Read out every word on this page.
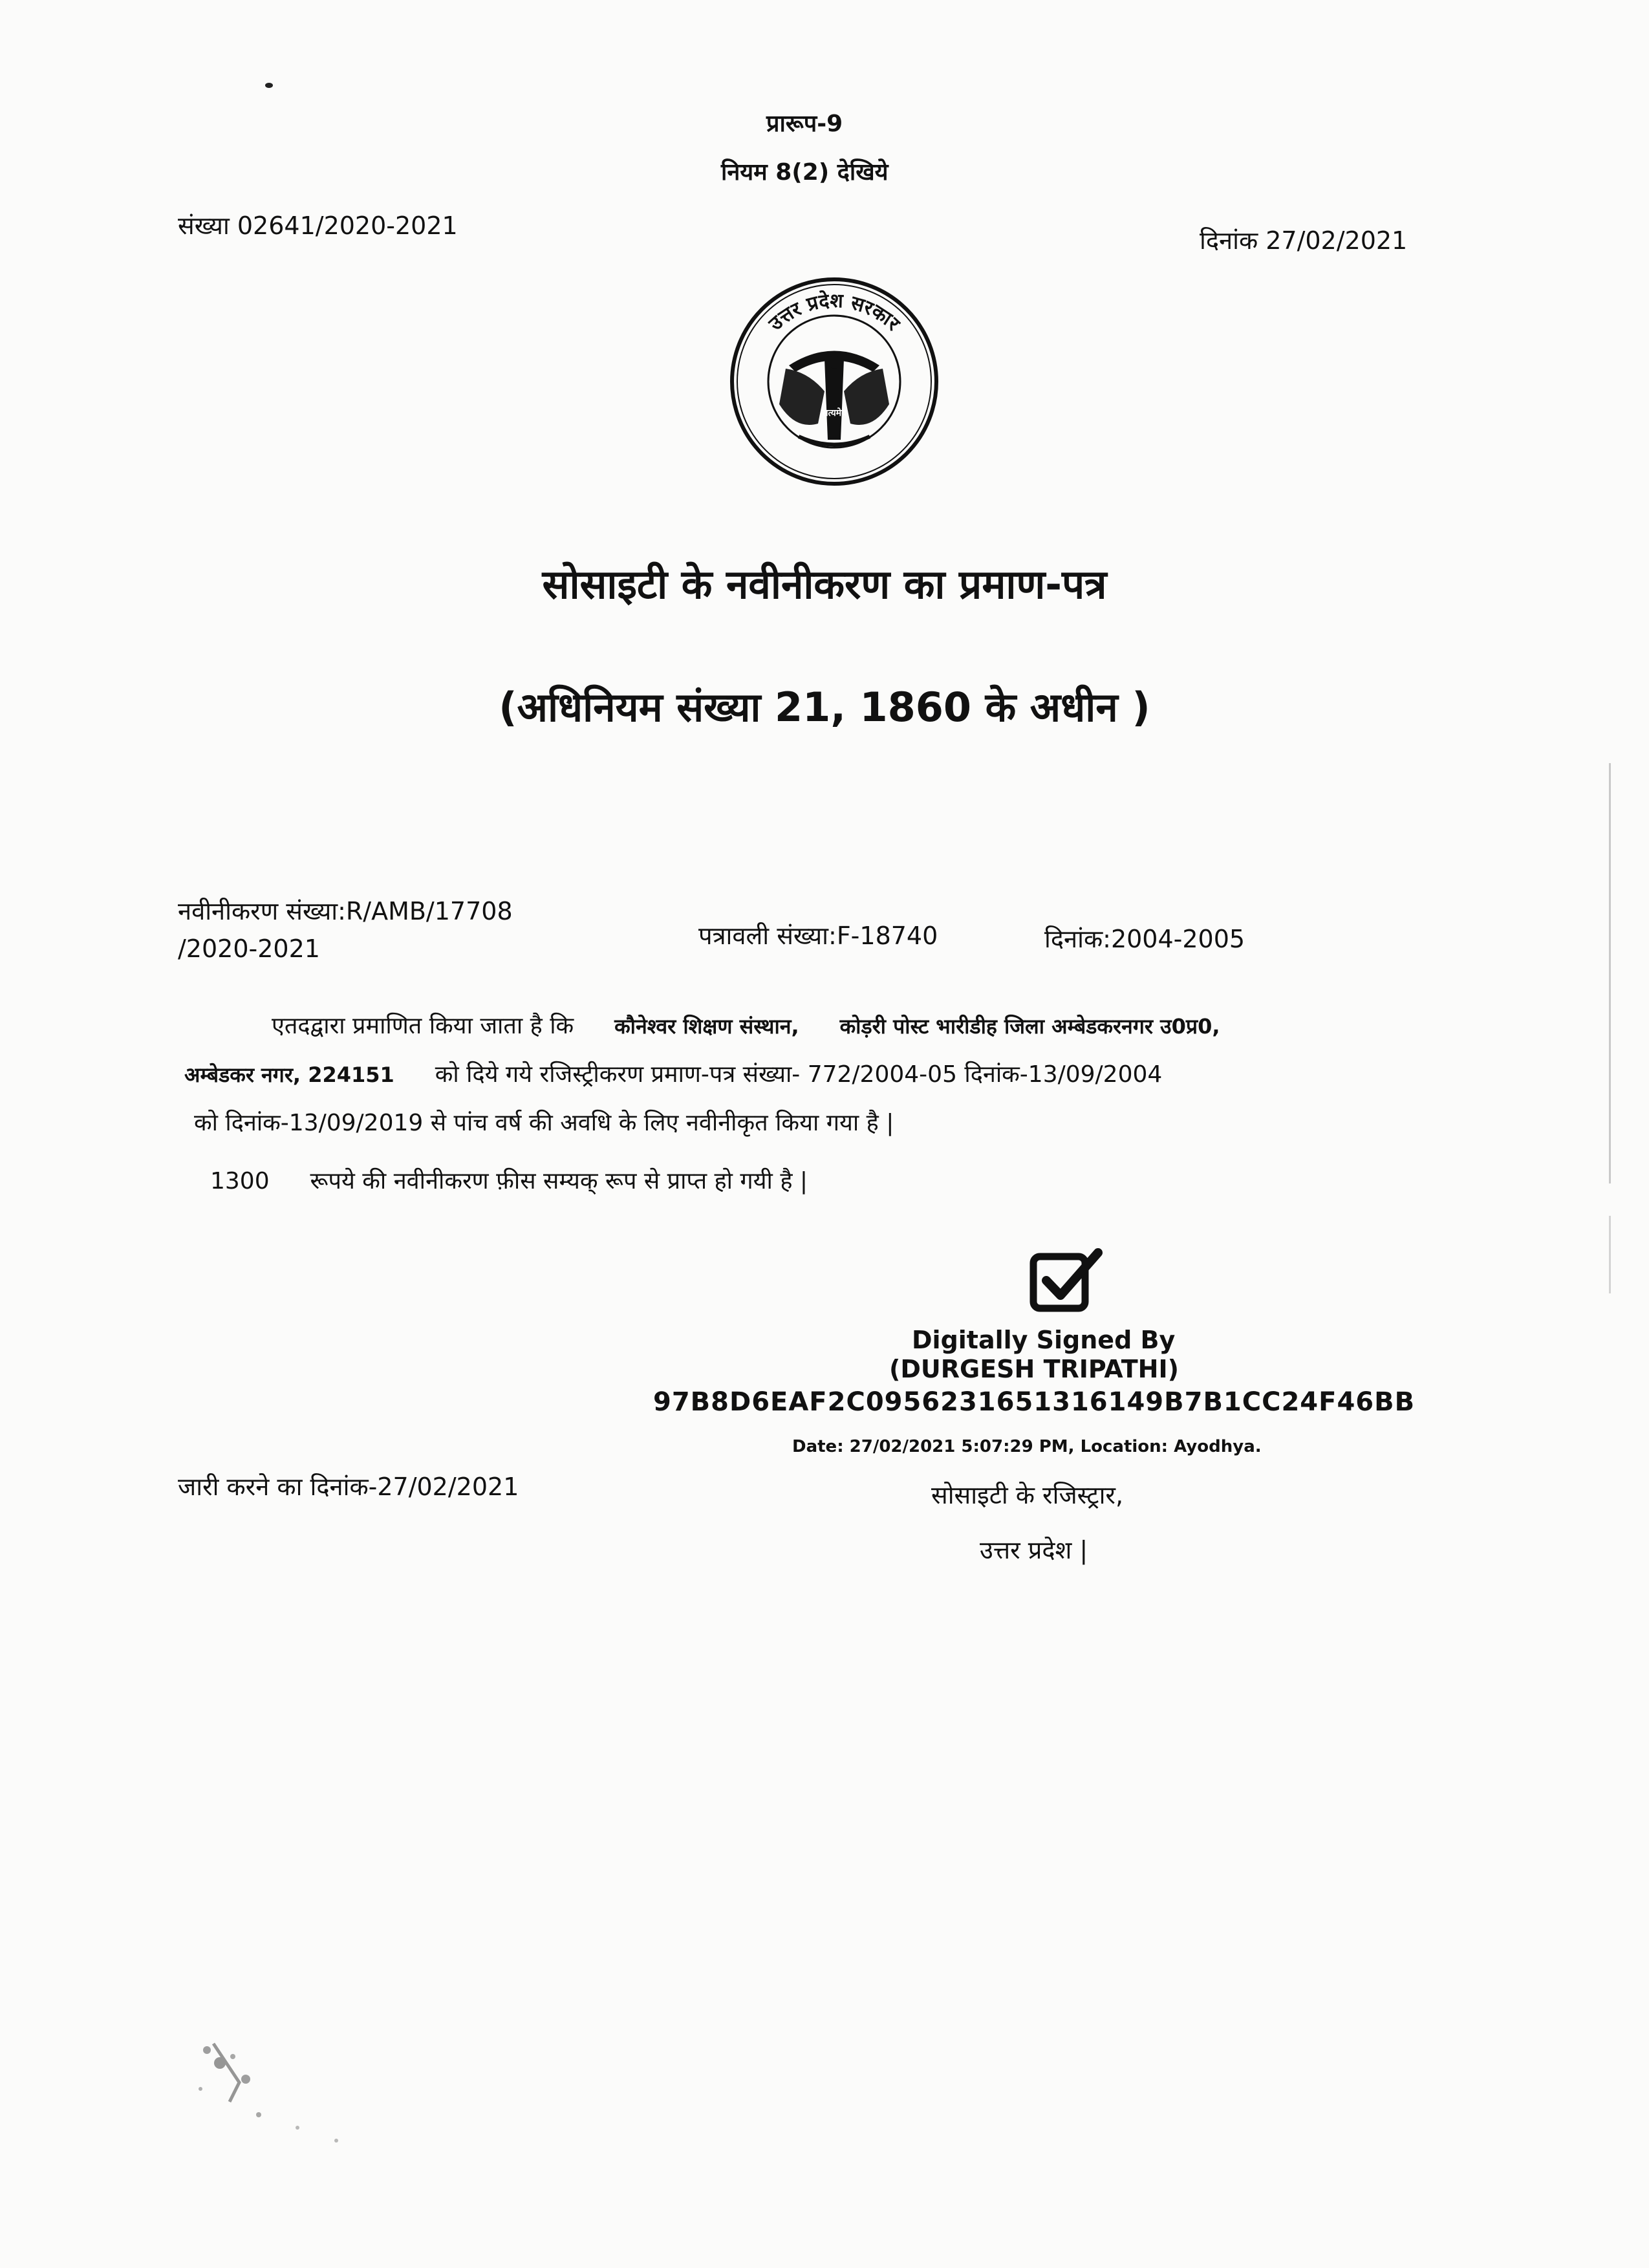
प्रारूप-9
नियम 8(2) देखिये
संख्या 02641/2020-2021
दिनांक 27/02/2021
उत्तर प्रदेश सरकार
सत्यमेव
सोसाइटी के नवीनीकरण का प्रमाण-पत्र
(अधिनियम संख्या 21, 1860 के अधीन )
नवीनीकरण संख्या:R/AMB/17708
/2020-2021	पत्रावली संख्या:F-18740	दिनांक:2004-2005
एतदद्वारा प्रमाणित किया जाता है कि कौनेश्वर शिक्षण संस्थान, कोड़री पोस्ट भारीडीह जिला अम्बेडकरनगर उ0प्र0,
अम्बेडकर नगर, 224151 को दिये गये रजिस्ट्रीकरण प्रमाण-पत्र संख्या- 772/2004-05 दिनांक-13/09/2004
को दिनांक-13/09/2019 से पांच वर्ष की अवधि के लिए नवीनीकृत किया गया है |
1300 रूपये की नवीनीकरण फ़ीस सम्यक् रूप से प्राप्त हो गयी है |
Digitally Signed By
(DURGESH TRIPATHI)
97B8D6EAF2C0956231651316149B7B1CC24F46BB
Date: 27/02/2021 5:07:29 PM, Location: Ayodhya.
जारी करने का दिनांक-27/02/2021	सोसाइटी के रजिस्ट्रार,
उत्तर प्रदेश |
